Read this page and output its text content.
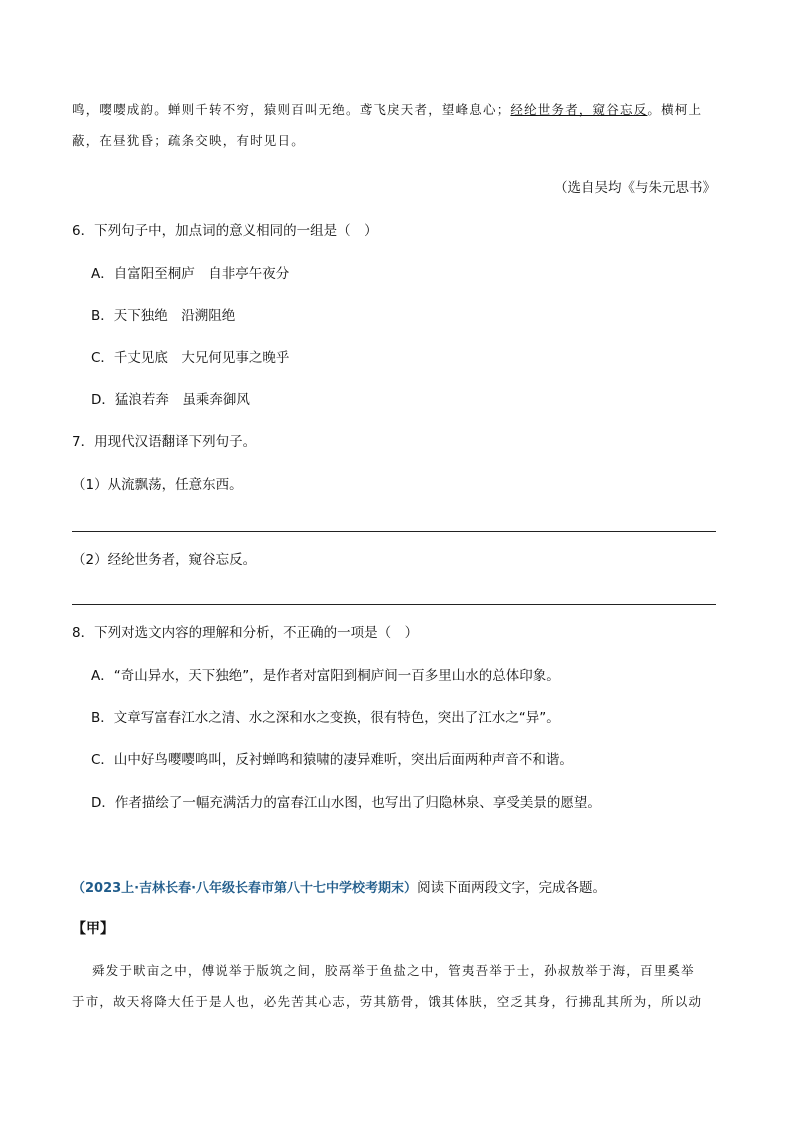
鸣，嘤嘤成韵。蝉则千转不穷，猿则百叫无绝。鸢飞戾天者，望峰息心；经纶世务者，窥谷忘反。横柯上
蔽，在昼犹昏；疏条交映，有时见日。
（选自吴均《与朱元思书》
6．下列句子中，加点词的意义相同的一组是（　）
A．自富阳至桐庐　自非亭午夜分
B．天下独绝　沿溯阻绝
C．千丈见底　大兄何见事之晚乎
D．猛浪若奔　虽乘奔御风
7．用现代汉语翻译下列句子。
（1）从流飘荡，任意东西。
（2）经纶世务者，窥谷忘反。
8．下列对选文内容的理解和分析，不正确的一项是（　）
A．“奇山异水，天下独绝”，是作者对富阳到桐庐间一百多里山水的总体印象。
B．文章写富春江水之清、水之深和水之变换，很有特色，突出了江水之“异”。
C．山中好鸟嘤嘤鸣叫，反衬蝉鸣和猿啸的凄异难听，突出后面两种声音不和谐。
D．作者描绘了一幅充满活力的富春江山水图，也写出了归隐林泉、享受美景的愿望。
（2023上·吉林长春·八年级长春市第八十七中学校考期末）阅读下面两段文字，完成各题。
【甲】
舜发于畎亩之中，傅说举于版筑之间，胶鬲举于鱼盐之中，管夷吾举于士，孙叔敖举于海，百里奚举
于市，故天将降大任于是人也，必先苦其心志，劳其筋骨，饿其体肤，空乏其身，行拂乱其所为，所以动
